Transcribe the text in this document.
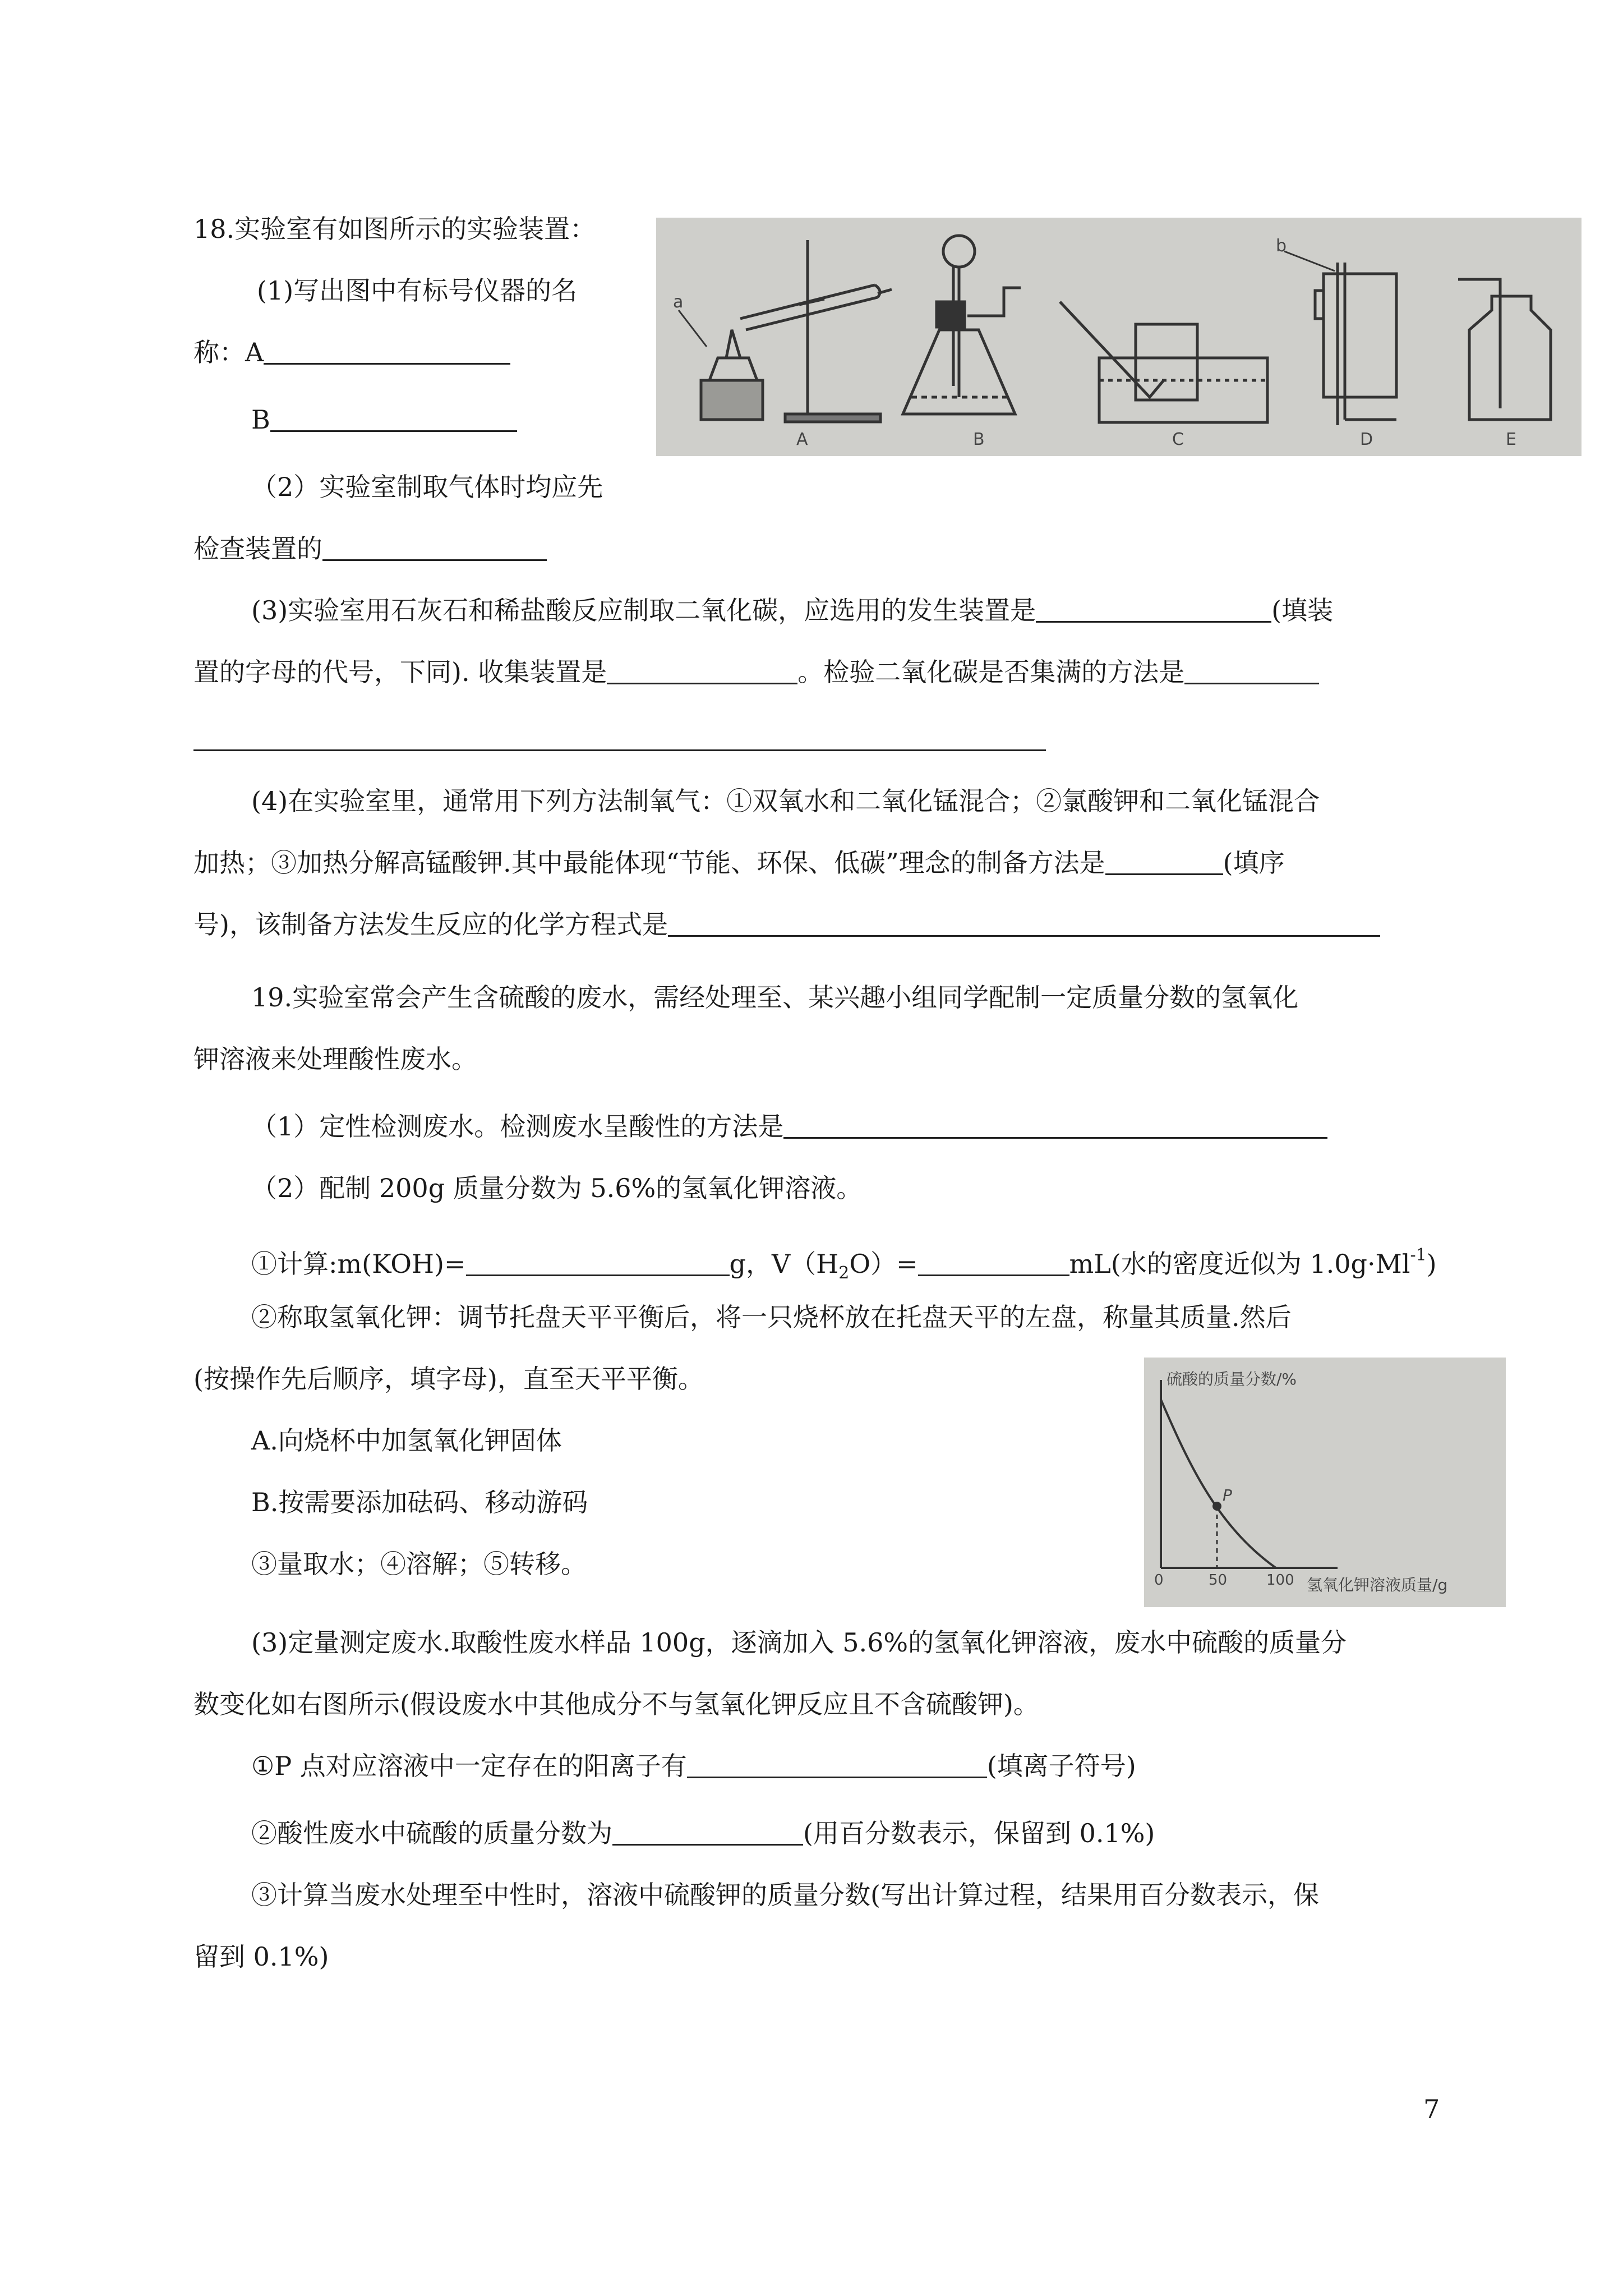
18.实验室有如图所示的实验装置：
(1)写出图中有标号仪器的名
称：A
B
（2）实验室制取气体时均应先
检查装置的
(3)实验室用石灰石和稀盐酸反应制取二氧化碳，应选用的发生装置是	(填装
置的字母的代号，下同). 收集装置是	。检验二氧化碳是否集满的方法是
(4)在实验室里，通常用下列方法制氧气：①双氧水和二氧化锰混合；②氯酸钾和二氧化锰混合
加热；③加热分解高锰酸钾.其中最能体现“节能、环保、低碳”理念的制备方法是	(填序
号)，该制备方法发生反应的化学方程式是
a
b
A	B	C	D	E
19.实验室常会产生含硫酸的废水，需经处理至、某兴趣小组同学配制一定质量分数的氢氧化
钾溶液来处理酸性废水。
（1）定性检测废水。检测废水呈酸性的方法是
（2）配制 200g 质量分数为 5.6%的氢氧化钾溶液。
①计算:m(KOH)=	g，$V(H_2O)=$	mL(水的密度近似为 $1.0g\cdot Ml^{-1}$)
②称取氢氧化钾：调节托盘天平平衡后，将一只烧杯放在托盘天平的左盘，称量其质量.然后
(按操作先后顺序，填字母)，直至天平平衡。
A.向烧杯中加氢氧化钾固体
B.按需要添加砝码、移动游码
③量取水；④溶解；⑤转移。
硫酸的质量分数/%
氢氧化钾溶液质量/g
0	50	100
P
(3)定量测定废水.取酸性废水样品 100g，逐滴加入 5.6%的氢氧化钾溶液，废水中硫酸的质量分
数变化如右图所示(假设废水中其他成分不与氢氧化钾反应且不含硫酸钾)。
①P 点对应溶液中一定存在的阳离子有	(填离子符号)
②酸性废水中硫酸的质量分数为	(用百分数表示，保留到 0.1%)
③计算当废水处理至中性时，溶液中硫酸钾的质量分数(写出计算过程，结果用百分数表示，保
留到 0.1%)
7
